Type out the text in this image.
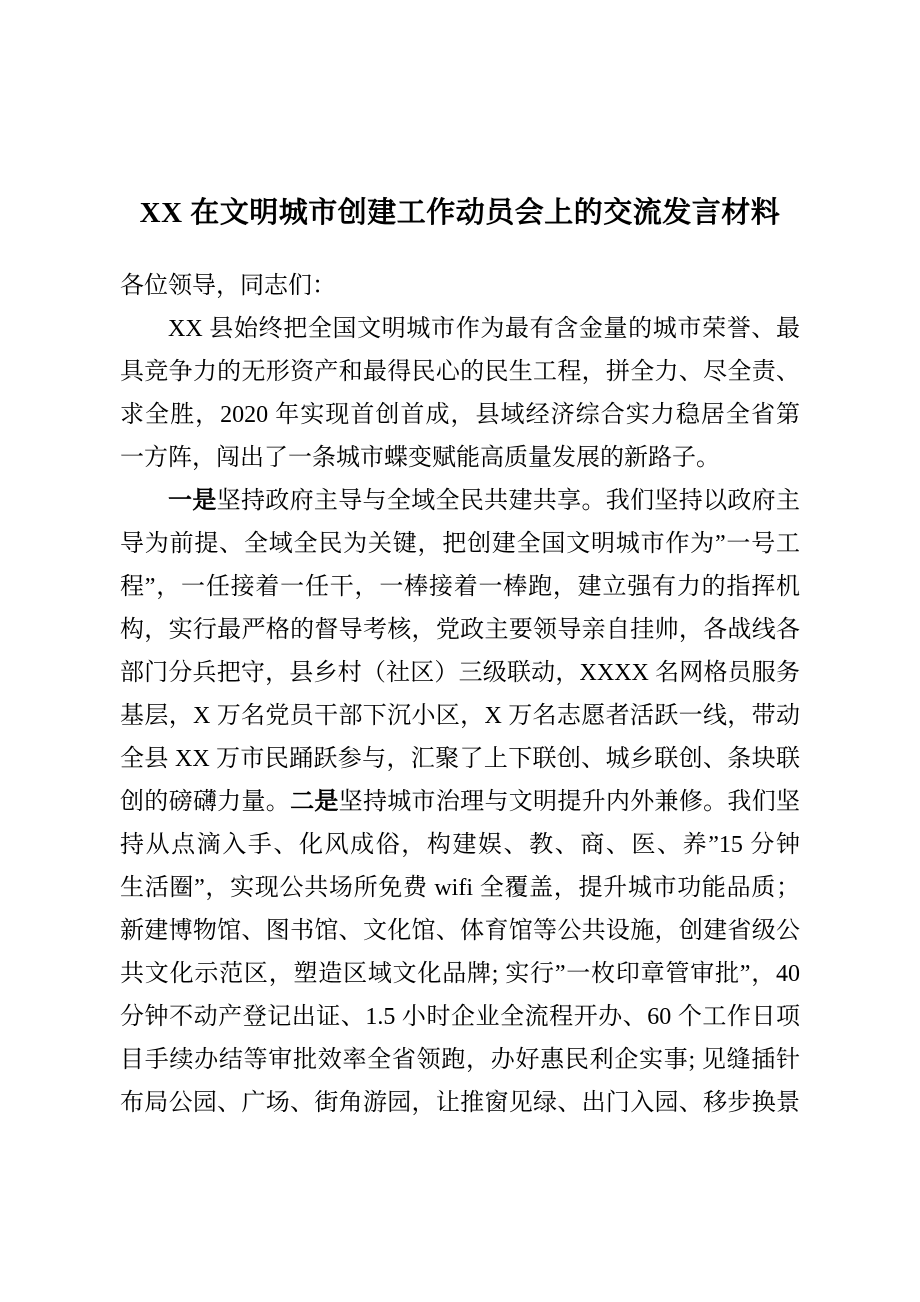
XX 在文明城市创建工作动员会上的交流发言材料
各位领导，同志们：
XX 县始终把全国文明城市作为最有含金量的城市荣誉、最
具竞争力的无形资产和最得民心的民生工程，拼全力、尽全责、
求全胜，2020 年实现首创首成，县域经济综合实力稳居全省第
一方阵，闯出了一条城市蝶变赋能高质量发展的新路子。
一是坚持政府主导与全域全民共建共享。我们坚持以政府主
导为前提、全域全民为关键，把创建全国文明城市作为”一号工
程”，一任接着一任干，一棒接着一棒跑，建立强有力的指挥机
构，实行最严格的督导考核，党政主要领导亲自挂帅，各战线各
部门分兵把守，县乡村（社区）三级联动，XXXX 名网格员服务
基层，X 万名党员干部下沉小区，X 万名志愿者活跃一线，带动
全县 XX 万市民踊跃参与，汇聚了上下联创、城乡联创、条块联
创的磅礴力量。二是坚持城市治理与文明提升内外兼修。我们坚
持从点滴入手、化风成俗，构建娱、教、商、医、养”15 分钟
生活圈”，实现公共场所免费 wifi 全覆盖，提升城市功能品质；
新建博物馆、图书馆、文化馆、体育馆等公共设施，创建省级公
共文化示范区，塑造区域文化品牌; 实行”一枚印章管审批”，40
分钟不动产登记出证、1.5 小时企业全流程开办、60 个工作日项
目手续办结等审批效率全省领跑，办好惠民利企实事; 见缝插针
布局公园、广场、街角游园，让推窗见绿、出门入园、移步换景
